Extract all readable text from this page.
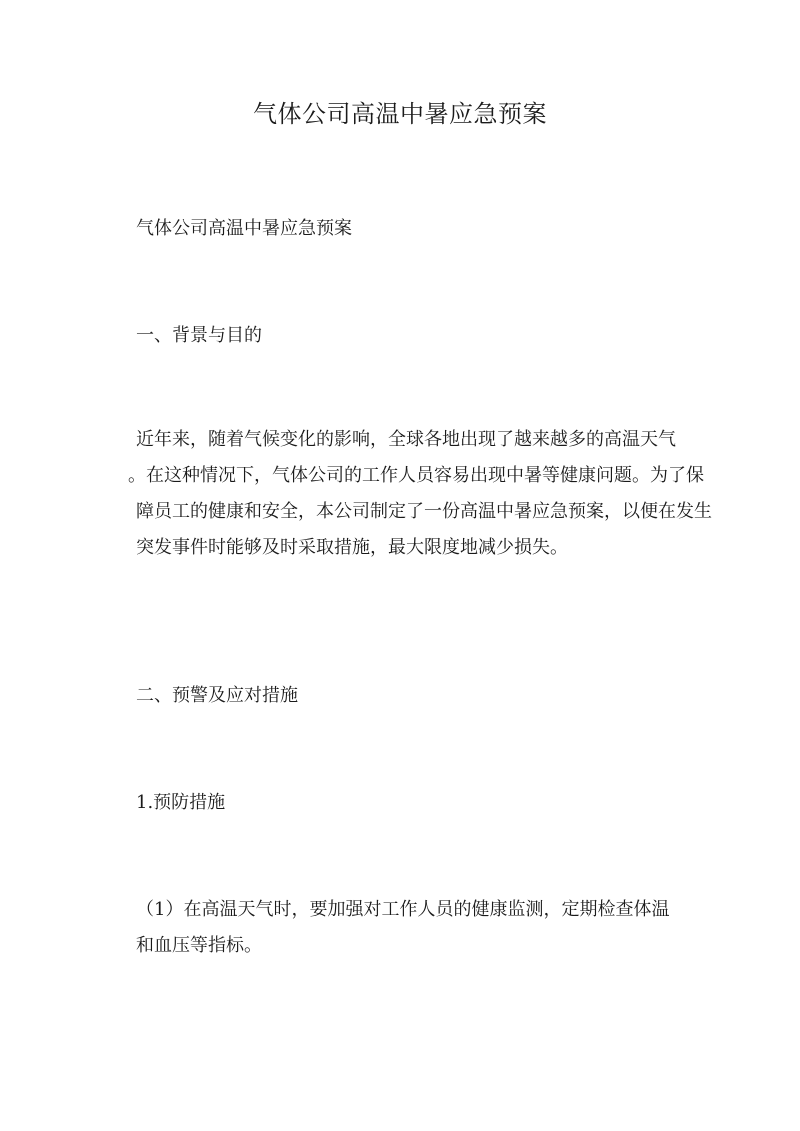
气体公司高温中暑应急预案
气体公司高温中暑应急预案
一、背景与目的
近年来，随着气候变化的影响，全球各地出现了越来越多的高温天气
。在这种情况下，气体公司的工作人员容易出现中暑等健康问题。为了保
障员工的健康和安全，本公司制定了一份高温中暑应急预案，以便在发生
突发事件时能够及时采取措施，最大限度地减少损失。
二、预警及应对措施
1.预防措施
（1）在高温天气时，要加强对工作人员的健康监测，定期检查体温
和血压等指标。
